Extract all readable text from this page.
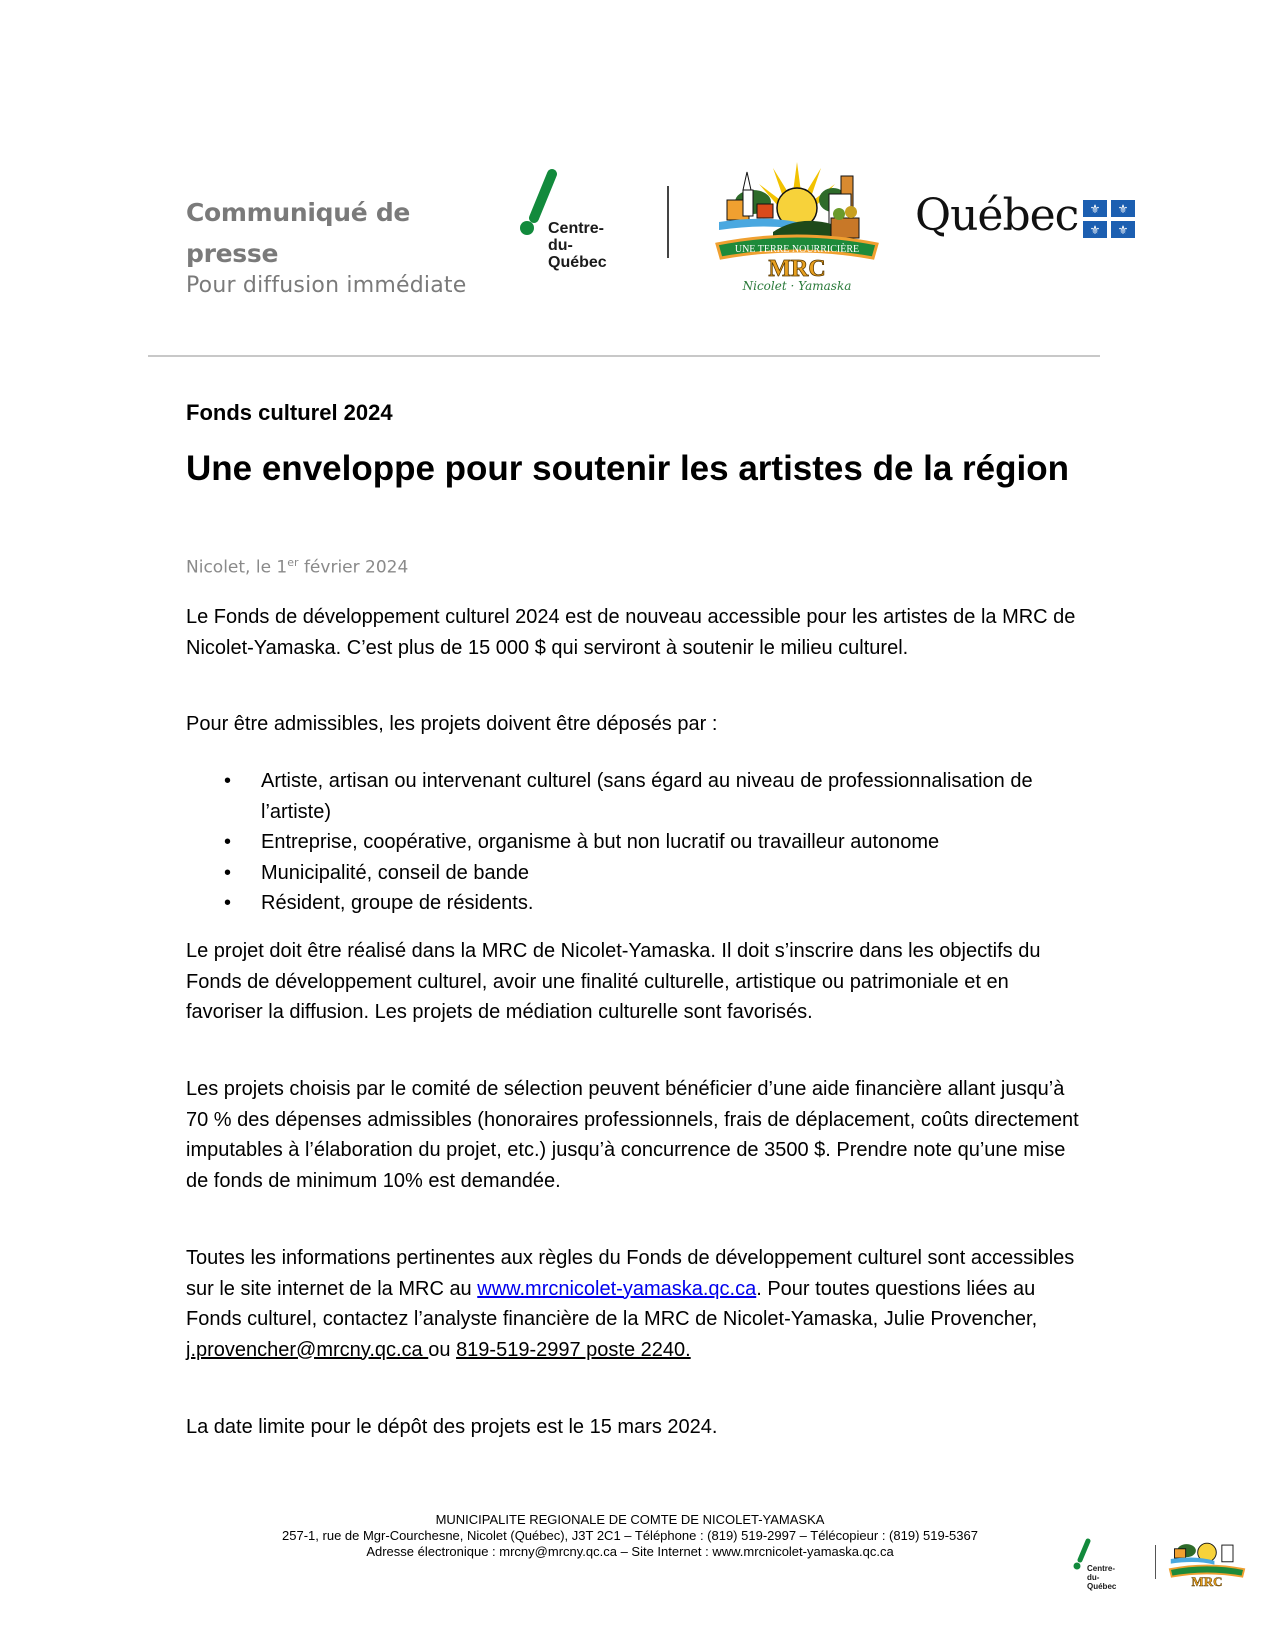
Communiqué de
presse
Pour diffusion immédiate
Centre-
du-
Québec
UNE TERRE NOURRICIÈRE
MRC
Nicolet · Yamaska
Québec ⚜ ⚜
⚜ ⚜
Fonds culturel 2024
Une enveloppe pour soutenir les artistes de la région
Nicolet, le 1er février 2024
Le Fonds de développement culturel 2024 est de nouveau accessible pour les artistes de la MRC de Nicolet-Yamaska. C’est plus de 15 000 $ qui serviront à soutenir le milieu culturel.
Pour être admissibles, les projets doivent être déposés par :
• Artiste, artisan ou intervenant culturel (sans égard au niveau de professionnalisation de l’artiste)
• Entreprise, coopérative, organisme à but non lucratif ou travailleur autonome
• Municipalité, conseil de bande
• Résident, groupe de résidents.
Le projet doit être réalisé dans la MRC de Nicolet-Yamaska. Il doit s’inscrire dans les objectifs du Fonds de développement culturel, avoir une finalité culturelle, artistique ou patrimoniale et en favoriser la diffusion. Les projets de médiation culturelle sont favorisés.
Les projets choisis par le comité de sélection peuvent bénéficier d’une aide financière allant jusqu’à 70 % des dépenses admissibles (honoraires professionnels, frais de déplacement, coûts directement imputables à l’élaboration du projet, etc.) jusqu’à concurrence de 3500 $. Prendre note qu’une mise de fonds de minimum 10% est demandée.
Toutes les informations pertinentes aux règles du Fonds de développement culturel sont accessibles sur le site internet de la MRC au www.mrcnicolet-yamaska.qc.ca. Pour toutes questions liées au Fonds culturel, contactez l’analyste financière de la MRC de Nicolet-Yamaska, Julie Provencher, j.provencher@mrcny.qc.ca ou 819-519-2997 poste 2240.
La date limite pour le dépôt des projets est le 15 mars 2024.
MUNICIPALITE REGIONALE DE COMTE DE NICOLET-YAMASKA
257-1, rue de Mgr-Courchesne, Nicolet (Québec), J3T 2C1 – Téléphone : (819) 519-2997 – Télécopieur : (819) 519-5367
Adresse électronique : mrcny@mrcny.qc.ca – Site Internet : www.mrcnicolet-yamaska.qc.ca
Centre-
du-
Québec	MRC
